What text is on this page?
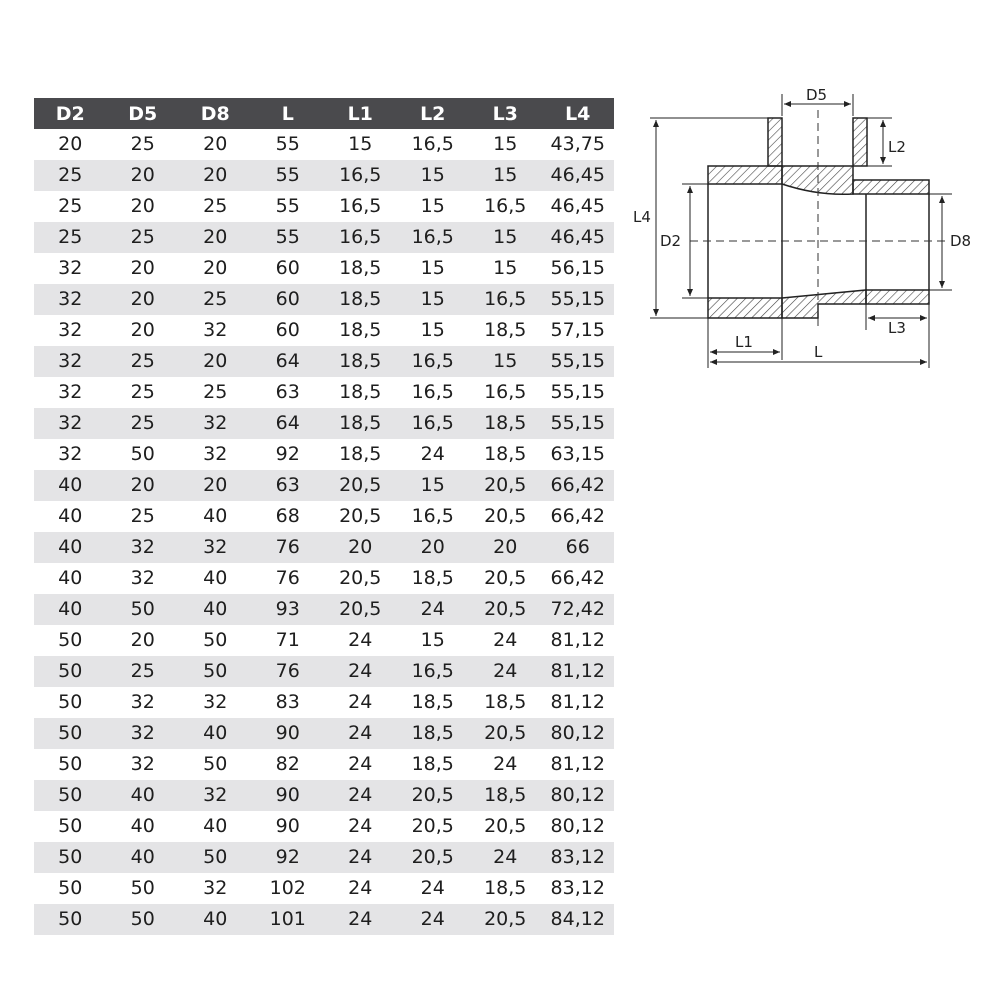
D2	D5	D8	L	L1	L2	L3	L4
20	25	20	55	15	16,5	15	43,75
25	20	20	55	16,5	15	15	46,45
25	20	25	55	16,5	15	16,5	46,45
25	25	20	55	16,5	16,5	15	46,45
32	20	20	60	18,5	15	15	56,15
32	20	25	60	18,5	15	16,5	55,15
32	20	32	60	18,5	15	18,5	57,15
32	25	20	64	18,5	16,5	15	55,15
32	25	25	63	18,5	16,5	16,5	55,15
32	25	32	64	18,5	16,5	18,5	55,15
32	50	32	92	18,5	24	18,5	63,15
40	20	20	63	20,5	15	20,5	66,42
40	25	40	68	20,5	16,5	20,5	66,42
40	32	32	76	20	20	20	66
40	32	40	76	20,5	18,5	20,5	66,42
40	50	40	93	20,5	24	20,5	72,42
50	20	50	71	24	15	24	81,12
50	25	50	76	24	16,5	24	81,12
50	32	32	83	24	18,5	18,5	81,12
50	32	40	90	24	18,5	20,5	80,12
50	32	50	82	24	18,5	24	81,12
50	40	32	90	24	20,5	18,5	80,12
50	40	40	90	24	20,5	20,5	80,12
50	40	50	92	24	20,5	24	83,12
50	50	32	102	24	24	18,5	83,12
50	50	40	101	24	24	20,5	84,12
D5
L2
L4
D2	D8
L3
L1
L
